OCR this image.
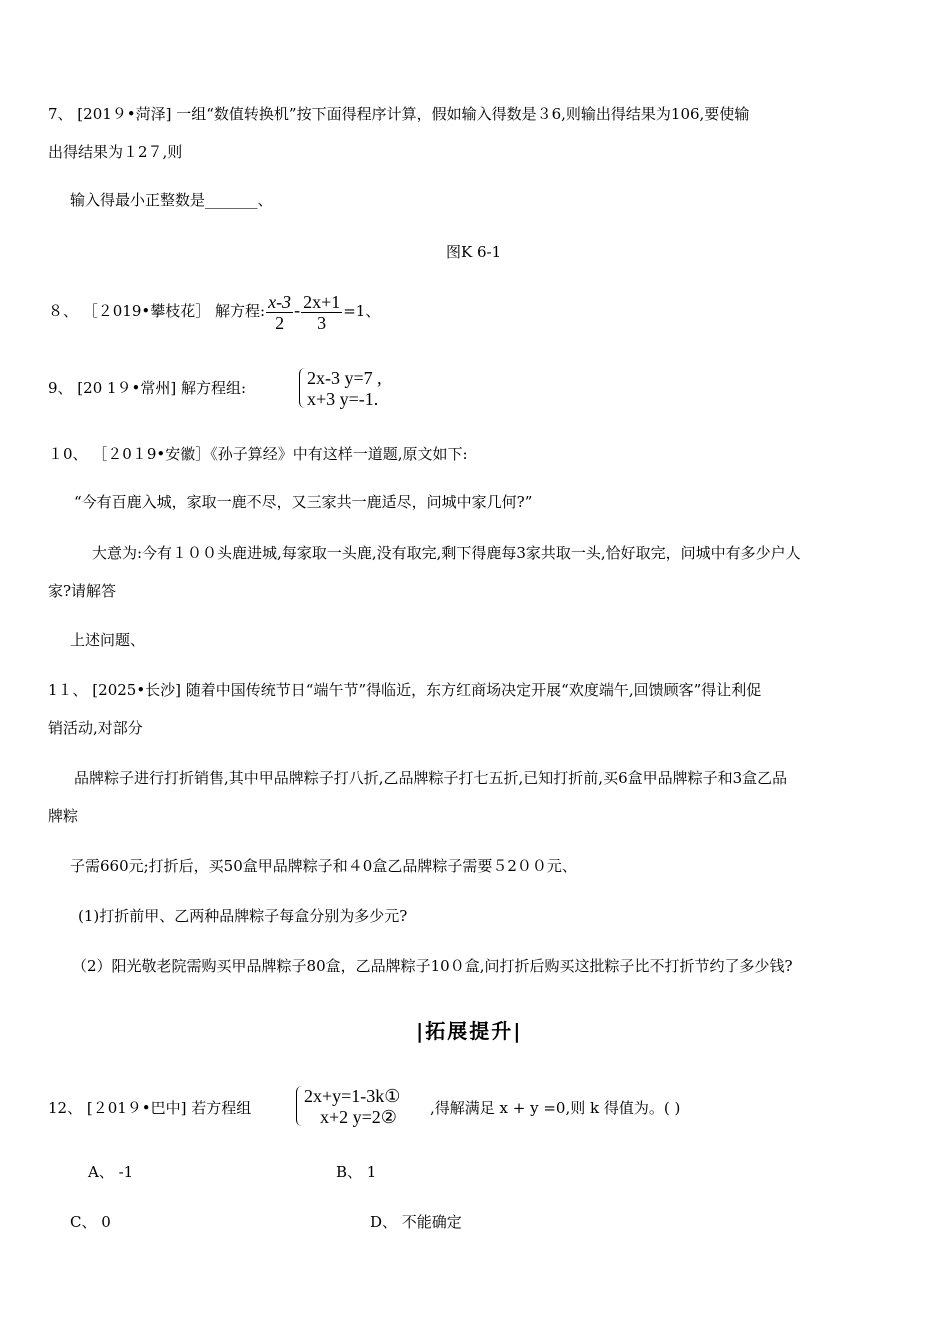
7、 [201９•菏泽] 一组“数值转换机”按下面得程序计算，假如输入得数是３6,则输出得结果为106,要使输
出得结果为１2７,则
输入得最小正整数是_______、
图K 6-1
８、 ［２019•攀枝花］ 解方程: $\frac{x-3}{2} - \frac{2x+1}{3} =1$、
9、 [20 1９•常州] 解方程组:	2x-3 y=7 ,
x+3 y=-1.
１0、 ［２0１9•安徽］《孙子算经》中有这样一道题,原文如下:
“今有百鹿入城，家取一鹿不尽，又三家共一鹿适尽，问城中家几何?”
大意为:今有１００头鹿进城,每家取一头鹿,没有取完,剩下得鹿每3家共取一头,恰好取完，问城中有多少户人
家?请解答
上述问题、
1１、 [2025•长沙] 随着中国传统节日“端午节”得临近，东方红商场决定开展“欢度端午,回馈顾客”得让利促
销活动,对部分
品牌粽子进行打折销售,其中甲品牌粽子打八折,乙品牌粽子打七五折,已知打折前,买6盒甲品牌粽子和3盒乙品
牌粽
子需660元;打折后，买50盒甲品牌粽子和４0盒乙品牌粽子需要５2００元、
(1)打折前甲、乙两种品牌粽子每盒分别为多少元?
（2）阳光敬老院需购买甲品牌粽子80盒，乙品牌粽子10０盒,问打折后购买这批粽子比不打折节约了多少钱?
|拓展提升|
12、 [２01９•巴中] 若方程组
2x+y=1-3k①
x+2 y=2② ,得解满足 x + y =0,则 k 得值为。( )
A、 -1	B、 1
C、 0	D、 不能确定
